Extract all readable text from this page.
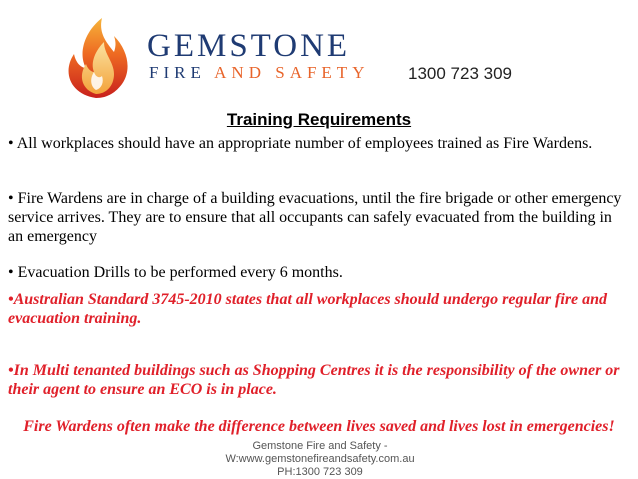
GEMSTONE
FIRE AND SAFETY 1300 723 309
Training Requirements
• All workplaces should have an appropriate number of employees trained as Fire Wardens.
• Fire Wardens are in charge of a building evacuations, until the fire brigade or other emergency service arrives. They are to ensure that all occupants can safely evacuated from the building in an emergency
• Evacuation Drills to be performed every 6 months.
•Australian Standard 3745-2010 states that all workplaces should undergo regular fire and evacuation training.
•In Multi tenanted buildings such as Shopping Centres it is the responsibility of the owner or their agent to ensure an ECO is in place.
Fire Wardens often make the difference between lives saved and lives lost in emergencies!
Gemstone Fire and Safety -
W:www.gemstonefireandsafety.com.au
PH:1300 723 309
